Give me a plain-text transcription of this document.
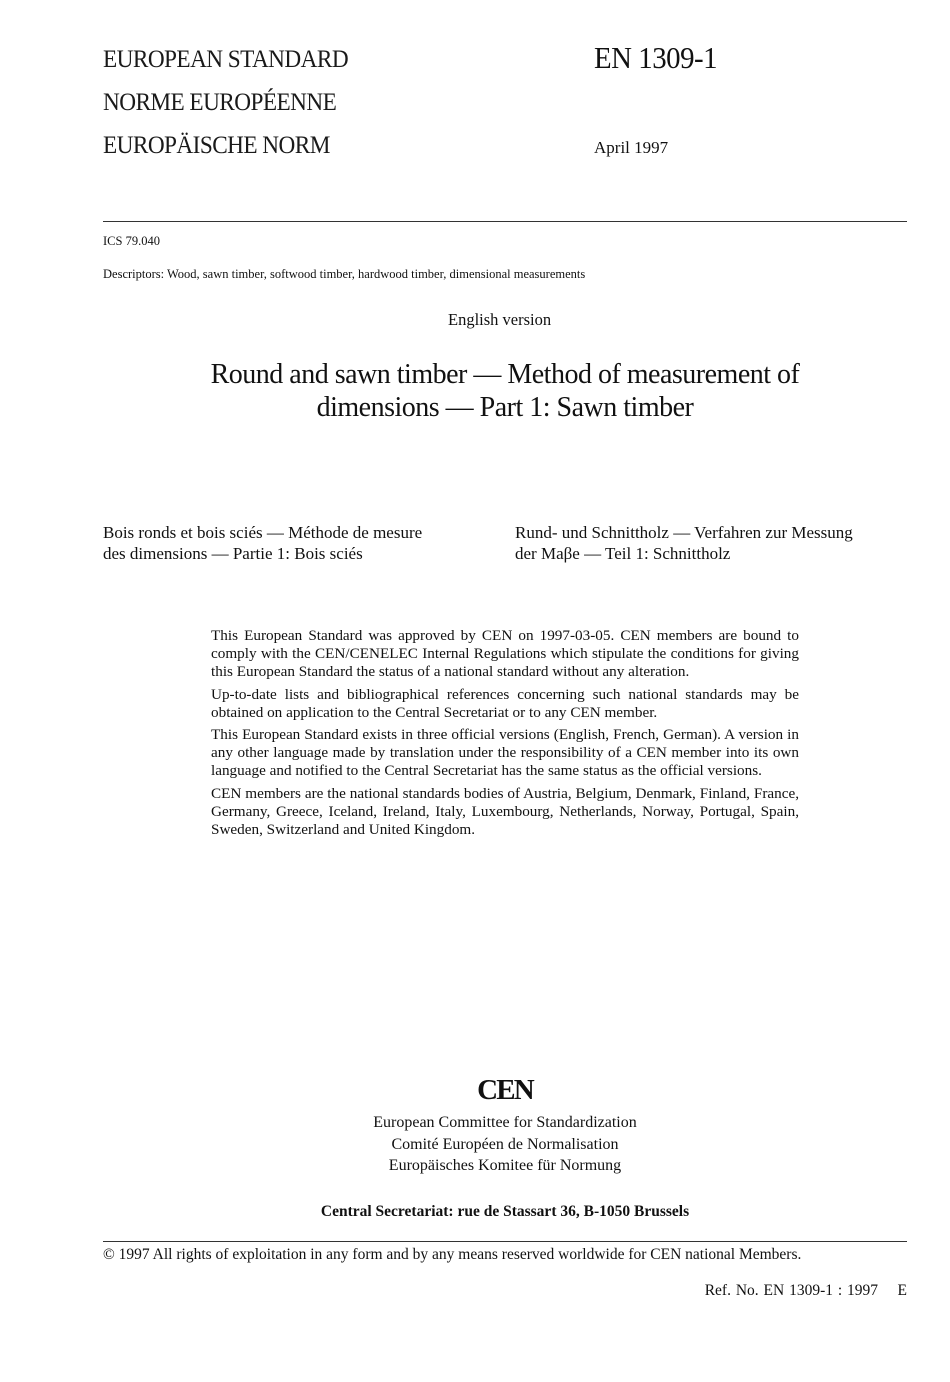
EUROPEAN STANDARD
NORME EUROPÉENNE
EUROPÄISCHE NORM
EN 1309-1
April 1997
ICS 79.040
Descriptors: Wood, sawn timber, softwood timber, hardwood timber, dimensional measurements
English version
Round and sawn timber — Method of measurement of
dimensions — Part 1: Sawn timber
Bois ronds et bois sciés — Méthode de mesure
des dimensions — Partie 1: Bois sciés
Rund- und Schnittholz — Verfahren zur Messung
der Maβe — Teil 1: Schnittholz

This European Standard was approved by CEN on 1997-03-05. CEN members are bound to comply with the CEN/CENELEC Internal Regulations which stipulate the conditions for giving this European Standard the status of a national standard without any alteration.

Up-to-date lists and bibliographical references concerning such national standards may be obtained on application to the Central Secretariat or to any CEN member.

This European Standard exists in three official versions (English, French, German). A version in any other language made by translation under the responsibility of a CEN member into its own language and notified to the Central Secretariat has the same status as the official versions.

CEN members are the national standards bodies of Austria, Belgium, Denmark, Finland, France, Germany, Greece, Iceland, Ireland, Italy, Luxembourg, Netherlands, Norway, Portugal, Spain, Sweden, Switzerland and United Kingdom.

CEN
European Committee for Standardization
Comité Européen de Normalisation
Europäisches Komitee für Normung
Central Secretariat: rue de Stassart 36, B-1050 Brussels
© 1997 All rights of exploitation in any form and by any means reserved worldwide for CEN national Members.
Ref. No. EN 1309-1 : 1997    E
